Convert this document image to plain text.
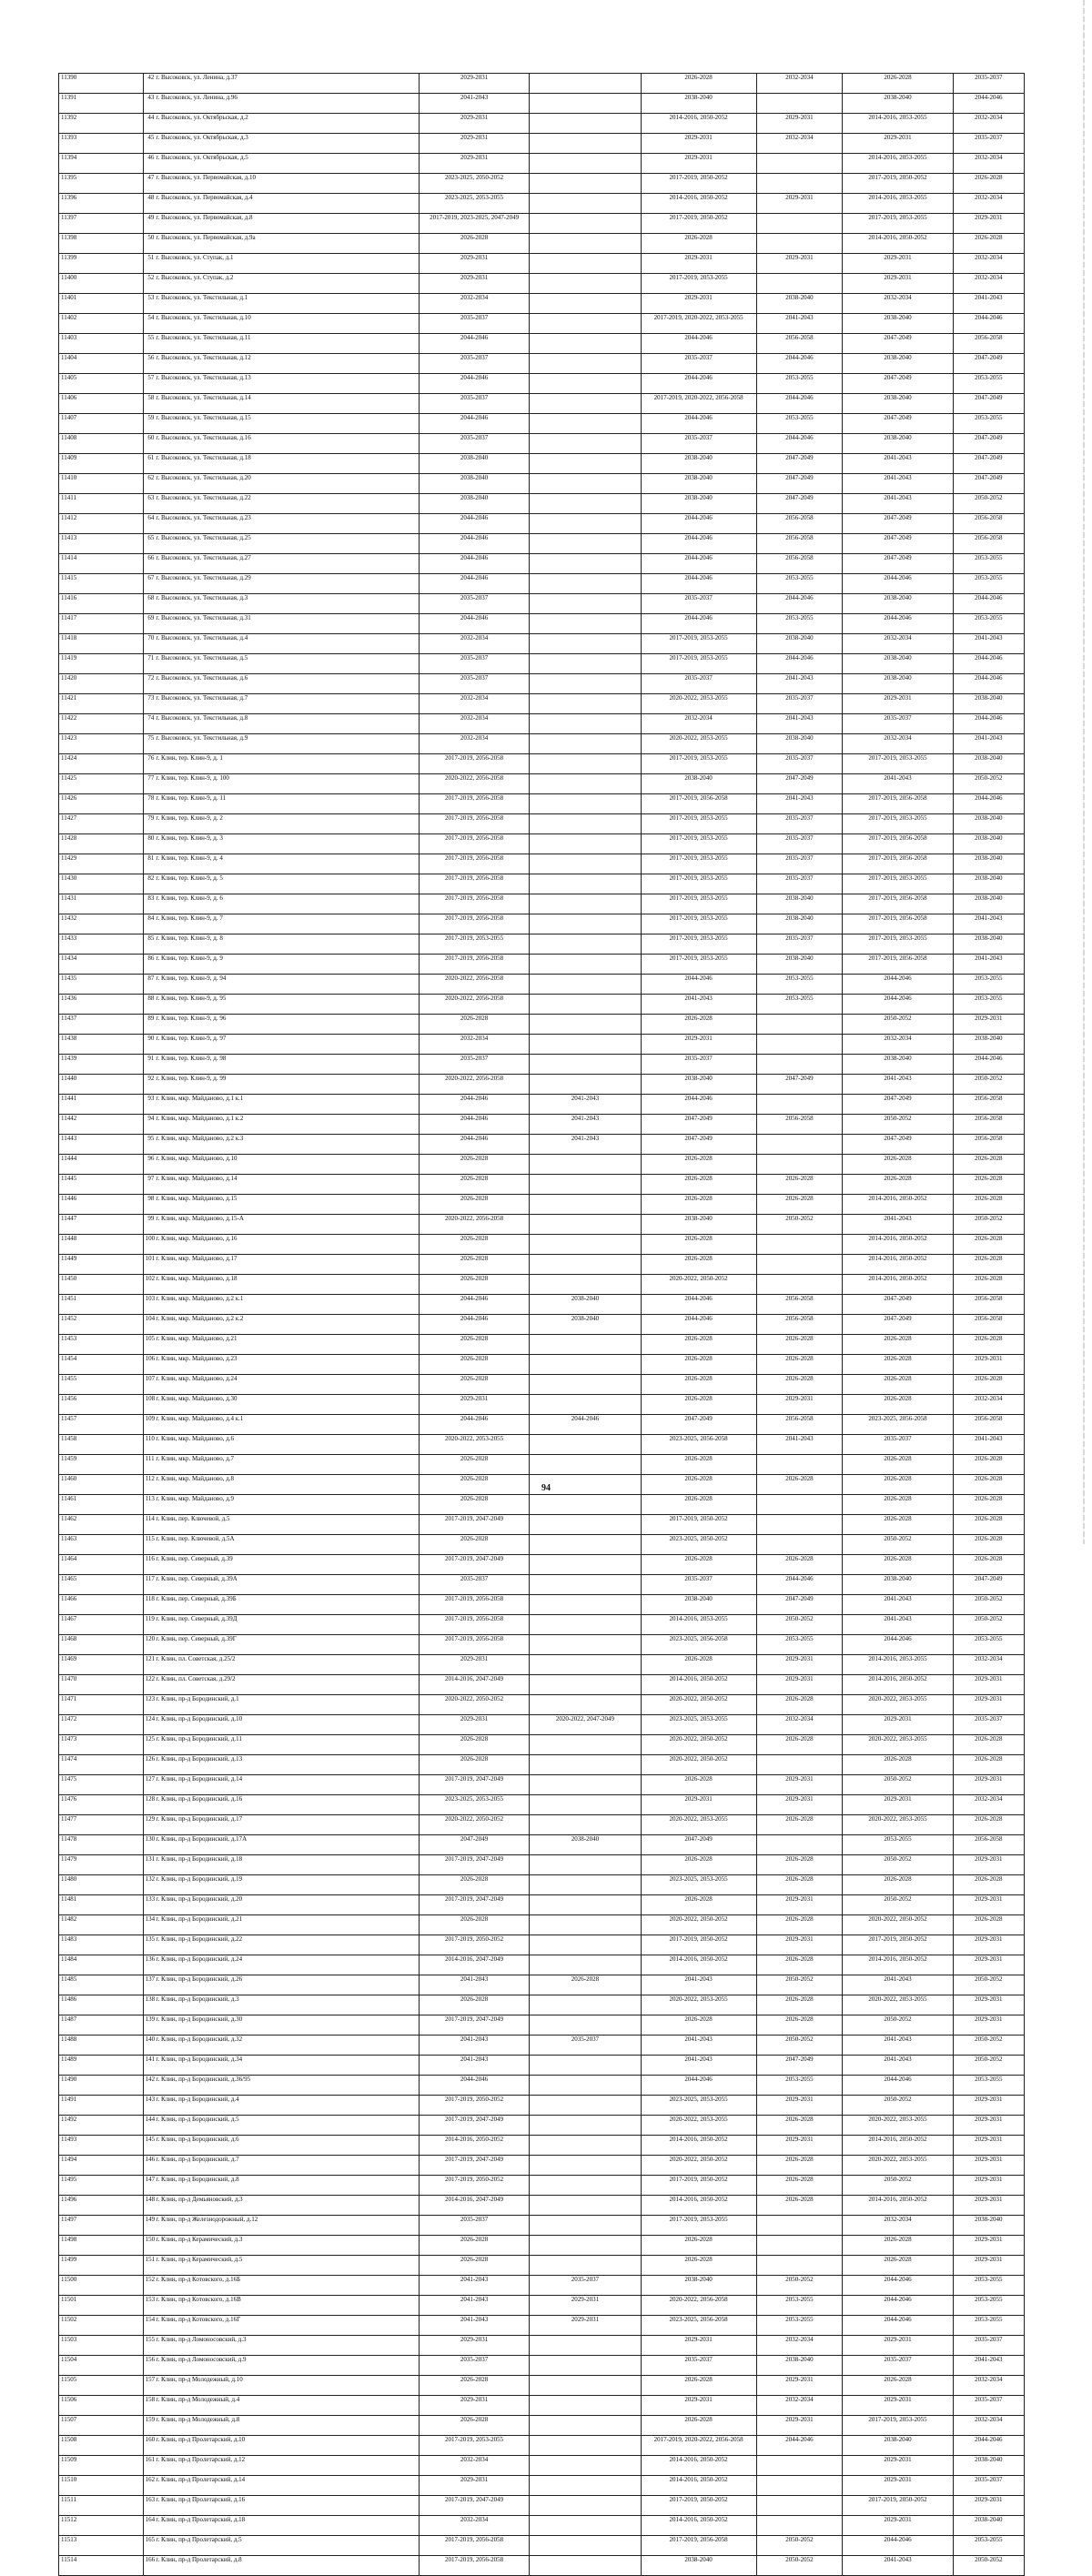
11390	42	г. Высоковск, ул. Ленина, д.37	2029-2031		2026-2028	2032-2034	2026-2028	2035-2037
11391	43	г. Высоковск, ул. Ленина, д.96	2041-2043		2038-2040		2038-2040	2044-2046
11392	44	г. Высоковск, ул. Октябрьская, д.2	2029-2031		2014-2016, 2050-2052	2029-2031	2014-2016, 2053-2055	2032-2034
11393	45	г. Высоковск, ул. Октябрьская, д.3	2029-2031		2029-2031	2032-2034	2029-2031	2035-2037
11394	46	г. Высоковск, ул. Октябрьская, д.5	2029-2031		2029-2031		2014-2016, 2053-2055	2032-2034
11395	47	г. Высоковск, ул. Первомайская, д.10	2023-2025, 2050-2052		2017-2019, 2050-2052		2017-2019, 2050-2052	2026-2028
11396	48	г. Высоковск, ул. Первомайская, д.4	2023-2025, 2053-2055		2014-2016, 2050-2052	2029-2031	2014-2016, 2053-2055	2032-2034
11397	49	г. Высоковск, ул. Первомайская, д.8	2017-2019, 2023-2025, 2047-2049		2017-2019, 2050-2052		2017-2019, 2053-2055	2029-2031
11398	50	г. Высоковск, ул. Первомайская, д.9а	2026-2028		2026-2028		2014-2016, 2050-2052	2026-2028
11399	51	г. Высоковск, ул. Ступак, д.1	2029-2031		2029-2031	2029-2031	2029-2031	2032-2034
11400	52	г. Высоковск, ул. Ступак, д.2	2029-2031		2017-2019, 2053-2055		2029-2031	2032-2034
11401	53	г. Высоковск, ул. Текстильная, д.1	2032-2034		2029-2031	2038-2040	2032-2034	2041-2043
11402	54	г. Высоковск, ул. Текстильная, д.10	2035-2037		2017-2019, 2020-2022, 2053-2055	2041-2043	2038-2040	2044-2046
11403	55	г. Высоковск, ул. Текстильная, д.11	2044-2046		2044-2046	2056-2058	2047-2049	2056-2058
11404	56	г. Высоковск, ул. Текстильная, д.12	2035-2037		2035-2037	2044-2046	2038-2040	2047-2049
11405	57	г. Высоковск, ул. Текстильная, д.13	2044-2046		2044-2046	2053-2055	2047-2049	2053-2055
11406	58	г. Высоковск, ул. Текстильная, д.14	2035-2037		2017-2019, 2020-2022, 2056-2058	2044-2046	2038-2040	2047-2049
11407	59	г. Высоковск, ул. Текстильная, д.15	2044-2046		2044-2046	2053-2055	2047-2049	2053-2055
11408	60	г. Высоковск, ул. Текстильная, д.16	2035-2037		2035-2037	2044-2046	2038-2040	2047-2049
11409	61	г. Высоковск, ул. Текстильная, д.18	2038-2040		2038-2040	2047-2049	2041-2043	2047-2049
11410	62	г. Высоковск, ул. Текстильная, д.20	2038-2040		2038-2040	2047-2049	2041-2043	2047-2049
11411	63	г. Высоковск, ул. Текстильная, д.22	2038-2040		2038-2040	2047-2049	2041-2043	2050-2052
11412	64	г. Высоковск, ул. Текстильная, д.23	2044-2046		2044-2046	2056-2058	2047-2049	2056-2058
11413	65	г. Высоковск, ул. Текстильная, д.25	2044-2046		2044-2046	2056-2058	2047-2049	2056-2058
11414	66	г. Высоковск, ул. Текстильная, д.27	2044-2046		2044-2046	2056-2058	2047-2049	2053-2055
11415	67	г. Высоковск, ул. Текстильная, д.29	2044-2046		2044-2046	2053-2055	2044-2046	2053-2055
11416	68	г. Высоковск, ул. Текстильная, д.3	2035-2037		2035-2037	2044-2046	2038-2040	2044-2046
11417	69	г. Высоковск, ул. Текстильная, д.31	2044-2046		2044-2046	2053-2055	2044-2046	2053-2055
11418	70	г. Высоковск, ул. Текстильная, д.4	2032-2034		2017-2019, 2053-2055	2038-2040	2032-2034	2041-2043
11419	71	г. Высоковск, ул. Текстильная, д.5	2035-2037		2017-2019, 2053-2055	2044-2046	2038-2040	2044-2046
11420	72	г. Высоковск, ул. Текстильная, д.6	2035-2037		2035-2037	2041-2043	2038-2040	2044-2046
11421	73	г. Высоковск, ул. Текстильная, д.7	2032-2034		2020-2022, 2053-2055	2035-2037	2029-2031	2038-2040
11422	74	г. Высоковск, ул. Текстильная, д.8	2032-2034		2032-2034	2041-2043	2035-2037	2044-2046
11423	75	г. Высоковск, ул. Текстильная, д.9	2032-2034		2020-2022, 2053-2055	2038-2040	2032-2034	2041-2043
11424	76	г. Клин, тер. Клин-9, д. 1	2017-2019, 2056-2058		2017-2019, 2053-2055	2035-2037	2017-2019, 2053-2055	2038-2040
11425	77	г. Клин, тер. Клин-9, д. 100	2020-2022, 2056-2058		2038-2040	2047-2049	2041-2043	2050-2052
11426	78	г. Клин, тер. Клин-9, д. 11	2017-2019, 2056-2058		2017-2019, 2056-2058	2041-2043	2017-2019, 2056-2058	2044-2046
11427	79	г. Клин, тер. Клин-9, д. 2	2017-2019, 2056-2058		2017-2019, 2053-2055	2035-2037	2017-2019, 2053-2055	2038-2040
11428	80	г. Клин, тер. Клин-9, д. 3	2017-2019, 2056-2058		2017-2019, 2053-2055	2035-2037	2017-2019, 2056-2058	2038-2040
11429	81	г. Клин, тер. Клин-9, д. 4	2017-2019, 2056-2058		2017-2019, 2053-2055	2035-2037	2017-2019, 2056-2058	2038-2040
11430	82	г. Клин, тер. Клин-9, д. 5	2017-2019, 2056-2058		2017-2019, 2053-2055	2035-2037	2017-2019, 2053-2055	2038-2040
11431	83	г. Клин, тер. Клин-9, д. 6	2017-2019, 2056-2058		2017-2019, 2053-2055	2038-2040	2017-2019, 2056-2058	2038-2040
11432	84	г. Клин, тер. Клин-9, д. 7	2017-2019, 2056-2058		2017-2019, 2053-2055	2038-2040	2017-2019, 2056-2058	2041-2043
11433	85	г. Клин, тер. Клин-9, д. 8	2017-2019, 2053-2055		2017-2019, 2053-2055	2035-2037	2017-2019, 2053-2055	2038-2040
11434	86	г. Клин, тер. Клин-9, д. 9	2017-2019, 2056-2058		2017-2019, 2053-2055	2038-2040	2017-2019, 2056-2058	2041-2043
11435	87	г. Клин, тер. Клин-9, д. 94	2020-2022, 2056-2058		2044-2046	2053-2055	2044-2046	2053-2055
11436	88	г. Клин, тер. Клин-9, д. 95	2020-2022, 2056-2058		2041-2043	2053-2055	2044-2046	2053-2055
11437	89	г. Клин, тер. Клин-9, д. 96	2026-2028		2026-2028		2050-2052	2029-2031
11438	90	г. Клин, тер. Клин-9, д. 97	2032-2034		2029-2031		2032-2034	2038-2040
11439	91	г. Клин, тер. Клин-9, д. 98	2035-2037		2035-2037		2038-2040	2044-2046
11440	92	г. Клин, тер. Клин-9, д. 99	2020-2022, 2056-2058		2038-2040	2047-2049	2041-2043	2050-2052
11441	93	г. Клин, мкр. Майданово, д.1 к.1	2044-2046	2041-2043	2044-2046		2047-2049	2056-2058
11442	94	г. Клин, мкр. Майданово, д.1 к.2	2044-2046	2041-2043	2047-2049	2056-2058	2050-2052	2056-2058
11443	95	г. Клин, мкр. Майданово, д.2 к.3	2044-2046	2041-2043	2047-2049		2047-2049	2056-2058
11444	96	г. Клин, мкр. Майданово, д.10	2026-2028		2026-2028		2026-2028	2026-2028
11445	97	г. Клин, мкр. Майданово, д.14	2026-2028		2026-2028	2026-2028	2026-2028	2026-2028
11446	98	г. Клин, мкр. Майданово, д.15	2026-2028		2026-2028	2026-2028	2014-2016, 2050-2052	2026-2028
11447	99	г. Клин, мкр. Майданово, д.15-А	2020-2022, 2056-2058		2038-2040	2050-2052	2041-2043	2050-2052
11448	100	г. Клин, мкр. Майданово, д.16	2026-2028		2026-2028		2014-2016, 2050-2052	2026-2028
11449	101	г. Клин, мкр. Майданово, д.17	2026-2028		2026-2028		2014-2016, 2050-2052	2026-2028
11450	102	г. Клин, мкр. Майданово, д.18	2026-2028		2020-2022, 2050-2052		2014-2016, 2050-2052	2026-2028
11451	103	г. Клин, мкр. Майданово, д.2 к.1	2044-2046	2038-2040	2044-2046	2056-2058	2047-2049	2056-2058
11452	104	г. Клин, мкр. Майданово, д.2 к.2	2044-2046	2038-2040	2044-2046	2056-2058	2047-2049	2056-2058
11453	105	г. Клин, мкр. Майданово, д.21	2026-2028		2026-2028	2026-2028	2026-2028	2026-2028
11454	106	г. Клин, мкр. Майданово, д.23	2026-2028		2026-2028	2026-2028	2026-2028	2029-2031
11455	107	г. Клин, мкр. Майданово, д.24	2026-2028		2026-2028	2026-2028	2026-2028	2026-2028
11456	108	г. Клин, мкр. Майданово, д.30	2029-2031		2026-2028	2029-2031	2026-2028	2032-2034
11457	109	г. Клин, мкр. Майданово, д.4 к.1	2044-2046	2044-2046	2047-2049	2056-2058	2023-2025, 2056-2058	2056-2058
11458	110	г. Клин, мкр. Майданово, д.6	2020-2022, 2053-2055		2023-2025, 2056-2058	2041-2043	2035-2037	2041-2043
11459	111	г. Клин, мкр. Майданово, д.7	2026-2028		2026-2028		2026-2028	2026-2028
11460	112	г. Клин, мкр. Майданово, д.8	2026-2028		2026-2028	2026-2028	2026-2028	2026-2028
11461	113	г. Клин, мкр. Майданово, д.9	2026-2028		2026-2028		2026-2028	2026-2028
11462	114	г. Клин, пер. Ключевой, д.5	2017-2019, 2047-2049		2017-2019, 2050-2052		2026-2028	2026-2028
11463	115	г. Клин, пер. Ключевой, д.5А	2026-2028		2023-2025, 2050-2052		2050-2052	2026-2028
11464	116	г. Клин, пер. Северный, д.39	2017-2019, 2047-2049		2026-2028	2026-2028	2026-2028	2026-2028
11465	117	г. Клин, пер. Северный, д.39А	2035-2037		2035-2037	2044-2046	2038-2040	2047-2049
11466	118	г. Клин, пер. Северный, д.39Б	2017-2019, 2056-2058		2038-2040	2047-2049	2041-2043	2050-2052
11467	119	г. Клин, пер. Северный, д.39Д	2017-2019, 2056-2058		2014-2016, 2053-2055	2050-2052	2041-2043	2050-2052
11468	120	г. Клин, пер. Северный, д.39Г	2017-2019, 2056-2058		2023-2025, 2056-2058	2053-2055	2044-2046	2053-2055
11469	121	г. Клин, пл. Советская, д.25/2	2029-2031		2026-2028	2029-2031	2014-2016, 2053-2055	2032-2034
11470	122	г. Клин, пл. Советская, д.29/2	2014-2016, 2047-2049		2014-2016, 2050-2052	2029-2031	2014-2016, 2050-2052	2029-2031
11471	123	г. Клин, пр-д Бородинский, д.1	2020-2022, 2050-2052		2020-2022, 2050-2052	2026-2028	2020-2022, 2053-2055	2029-2031
11472	124	г. Клин, пр-д Бородинский, д.10	2029-2031	2020-2022, 2047-2049	2023-2025, 2053-2055	2032-2034	2029-2031	2035-2037
11473	125	г. Клин, пр-д Бородинский, д.11	2026-2028		2020-2022, 2050-2052	2026-2028	2020-2022, 2053-2055	2026-2028
11474	126	г. Клин, пр-д Бородинский, д.13	2026-2028		2020-2022, 2050-2052		2026-2028	2026-2028
11475	127	г. Клин, пр-д Бородинский, д.14	2017-2019, 2047-2049		2026-2028	2029-2031	2050-2052	2029-2031
11476	128	г. Клин, пр-д Бородинский, д.16	2023-2025, 2053-2055		2029-2031	2029-2031	2029-2031	2032-2034
11477	129	г. Клин, пр-д Бородинский, д.17	2020-2022, 2050-2052		2020-2022, 2053-2055	2026-2028	2020-2022, 2053-2055	2026-2028
11478	130	г. Клин, пр-д Бородинский, д.17А	2047-2049	2038-2040	2047-2049		2053-2055	2056-2058
11479	131	г. Клин, пр-д Бородинский, д.18	2017-2019, 2047-2049		2026-2028	2026-2028	2050-2052	2029-2031
11480	132	г. Клин, пр-д Бородинский, д.19	2026-2028		2023-2025, 2053-2055	2026-2028	2026-2028	2026-2028
11481	133	г. Клин, пр-д Бородинский, д.20	2017-2019, 2047-2049		2026-2028	2029-2031	2050-2052	2029-2031
11482	134	г. Клин, пр-д Бородинский, д.21	2026-2028		2020-2022, 2050-2052	2026-2028	2020-2022, 2050-2052	2026-2028
11483	135	г. Клин, пр-д Бородинский, д.22	2017-2019, 2050-2052		2017-2019, 2050-2052	2029-2031	2017-2019, 2050-2052	2029-2031
11484	136	г. Клин, пр-д Бородинский, д.24	2014-2016, 2047-2049		2014-2016, 2050-2052	2026-2028	2014-2016, 2050-2052	2029-2031
11485	137	г. Клин, пр-д Бородинский, д.26	2041-2043	2026-2028	2041-2043	2050-2052	2041-2043	2050-2052
11486	138	г. Клин, пр-д Бородинский, д.3	2026-2028		2020-2022, 2053-2055	2026-2028	2020-2022, 2053-2055	2029-2031
11487	139	г. Клин, пр-д Бородинский, д.30	2017-2019, 2047-2049		2026-2028	2026-2028	2050-2052	2029-2031
11488	140	г. Клин, пр-д Бородинский, д.32	2041-2043	2035-2037	2041-2043	2050-2052	2041-2043	2050-2052
11489	141	г. Клин, пр-д Бородинский, д.34	2041-2043		2041-2043	2047-2049	2041-2043	2050-2052
11490	142	г. Клин, пр-д Бородинский, д.36/95	2044-2046		2044-2046	2053-2055	2044-2046	2053-2055
11491	143	г. Клин, пр-д Бородинский, д.4	2017-2019, 2050-2052		2023-2025, 2053-2055	2029-2031	2050-2052	2029-2031
11492	144	г. Клин, пр-д Бородинский, д.5	2017-2019, 2047-2049		2020-2022, 2053-2055	2026-2028	2020-2022, 2053-2055	2029-2031
11493	145	г. Клин, пр-д Бородинский, д.6	2014-2016, 2050-2052		2014-2016, 2050-2052	2029-2031	2014-2016, 2050-2052	2029-2031
11494	146	г. Клин, пр-д Бородинский, д.7	2017-2019, 2047-2049		2020-2022, 2050-2052	2026-2028	2020-2022, 2053-2055	2029-2031
11495	147	г. Клин, пр-д Бородинский, д.8	2017-2019, 2050-2052		2017-2019, 2050-2052	2026-2028	2050-2052	2029-2031
11496	148	г. Клин, пр-д Демьяновский, д.3	2014-2016, 2047-2049		2014-2016, 2050-2052	2026-2028	2014-2016, 2050-2052	2029-2031
11497	149	г. Клин, пр-д Железнодорожный, д.12	2035-2037		2017-2019, 2053-2055		2032-2034	2038-2040
11498	150	г. Клин, пр-д Керамический, д.3	2026-2028		2026-2028		2026-2028	2029-2031
11499	151	г. Клин, пр-д Керамический, д.5	2026-2028		2026-2028		2026-2028	2029-2031
11500	152	г. Клин, пр-д Котовского, д.16Б	2041-2043	2035-2037	2038-2040	2050-2052	2044-2046	2053-2055
11501	153	г. Клин, пр-д Котовского, д.16В	2041-2043	2029-2031	2020-2022, 2056-2058	2053-2055	2044-2046	2053-2055
11502	154	г. Клин, пр-д Котовского, д.16Г	2041-2043	2029-2031	2023-2025, 2056-2058	2053-2055	2044-2046	2053-2055
11503	155	г. Клин, пр-д Ломоносовский, д.3	2029-2031		2029-2031	2032-2034	2029-2031	2035-2037
11504	156	г. Клин, пр-д Ломоносовский, д.9	2035-2037		2035-2037	2038-2040	2035-2037	2041-2043
11505	157	г. Клин, пр-д Молодежный, д.10	2026-2028		2026-2028	2029-2031	2026-2028	2032-2034
11506	158	г. Клин, пр-д Молодежный, д.4	2029-2031		2029-2031	2032-2034	2029-2031	2035-2037
11507	159	г. Клин, пр-д Молодежный, д.8	2026-2028		2026-2028	2029-2031	2017-2019, 2053-2055	2032-2034
11508	160	г. Клин, пр-д Пролетарский, д.10	2017-2019, 2053-2055		2017-2019, 2020-2022, 2056-2058	2044-2046	2038-2040	2044-2046
11509	161	г. Клин, пр-д Пролетарский, д.12	2032-2034		2014-2016, 2050-2052		2029-2031	2038-2040
11510	162	г. Клин, пр-д Пролетарский, д.14	2029-2031		2014-2016, 2050-2052		2029-2031	2035-2037
11511	163	г. Клин, пр-д Пролетарский, д.16	2017-2019, 2047-2049		2017-2019, 2050-2052		2017-2019, 2050-2052	2029-2031
11512	164	г. Клин, пр-д Пролетарский, д.18	2032-2034		2014-2016, 2050-2052		2029-2031	2038-2040
11513	165	г. Клин, пр-д Пролетарский, д.5	2017-2019, 2056-2058		2017-2019, 2056-2058	2050-2052	2044-2046	2053-2055
11514	166	г. Клин, пр-д Пролетарский, д.8	2017-2019, 2056-2058		2038-2040	2050-2052	2041-2043	2050-2052
94
